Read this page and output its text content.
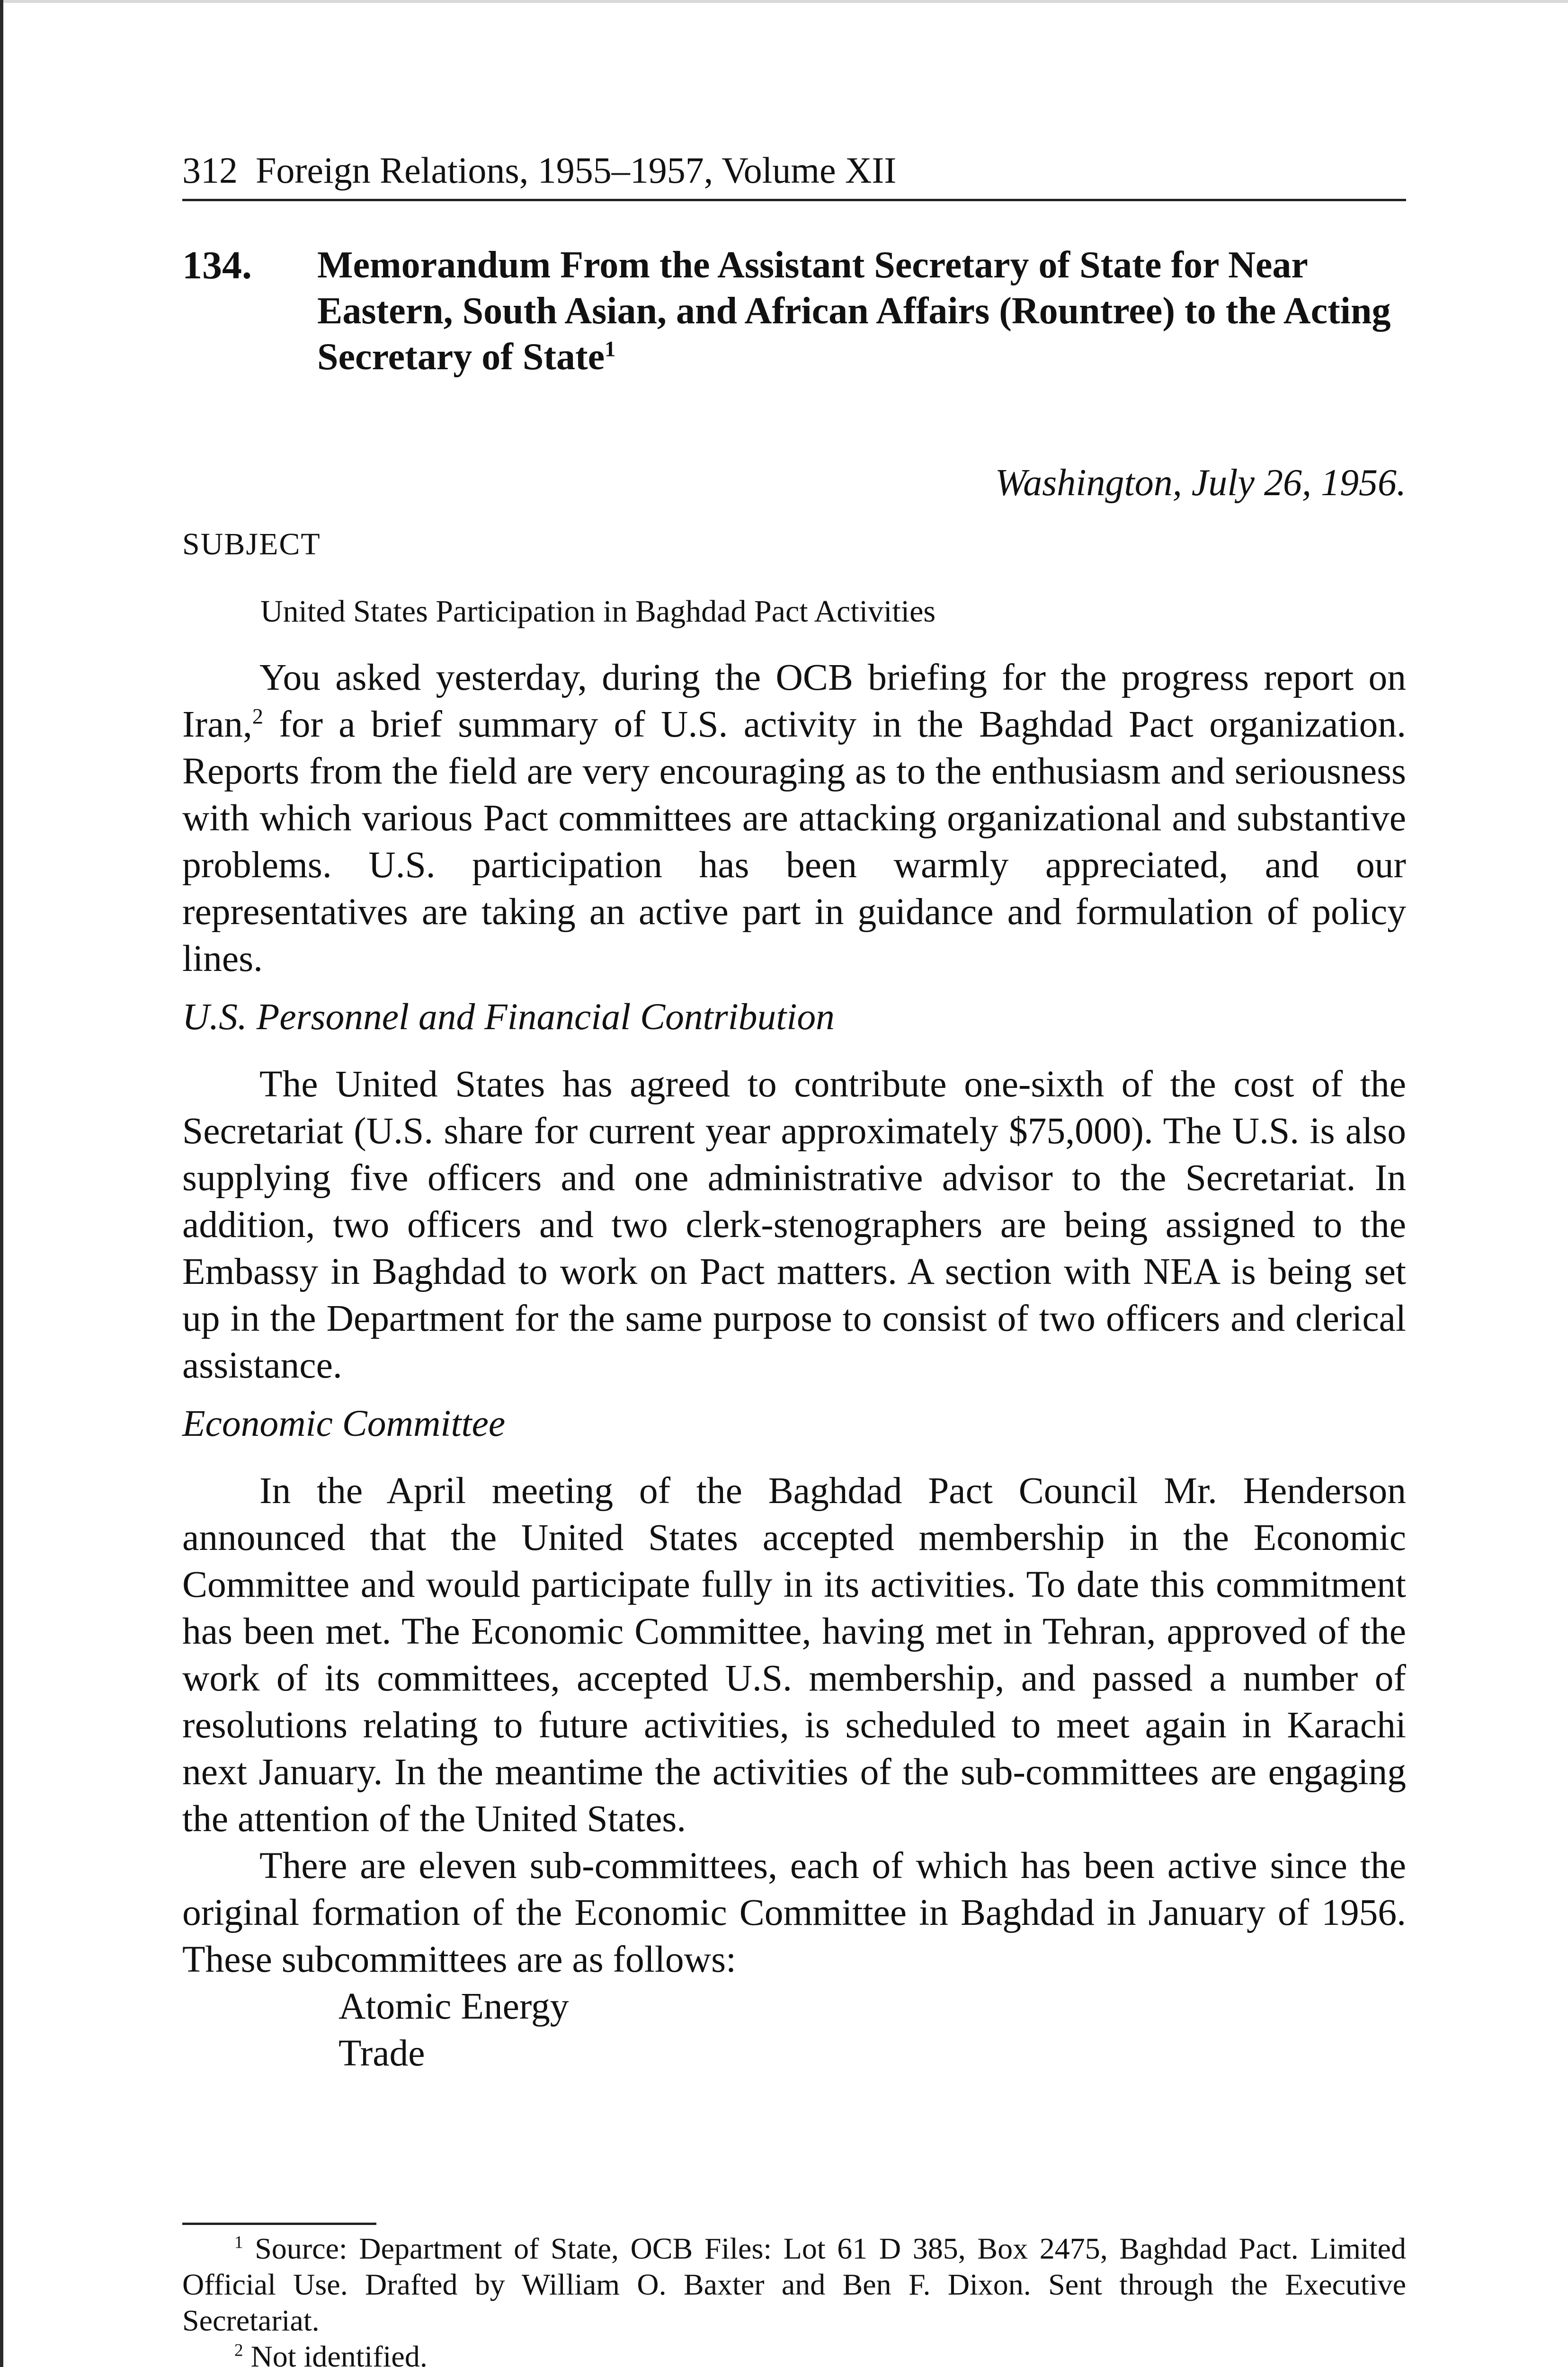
312 Foreign Relations, 1955–1957, Volume XII
134. Memorandum From the Assistant Secretary of State for Near Eastern, South Asian, and African Affairs (Rountree) to the Acting Secretary of State$^1$
Washington, July 26, 1956.
SUBJECT
United States Participation in Baghdad Pact Activities

You asked yesterday, during the OCB briefing for the progress report on Iran,$^2$ for a brief summary of U.S. activity in the Baghdad Pact organization. Reports from the field are very encouraging as to the enthusiasm and seriousness with which various Pact committees are attacking organizational and substantive problems. U.S. participation has been warmly appreciated, and our representatives are taking an active part in guidance and formulation of policy lines.

U.S. Personnel and Financial Contribution

The United States has agreed to contribute one-sixth of the cost of the Secretariat (U.S. share for current year approximately $75,000). The U.S. is also supplying five officers and one administrative advisor to the Secretariat. In addition, two officers and two clerk-stenographers are being assigned to the Embassy in Baghdad to work on Pact matters. A section with NEA is being set up in the Department for the same purpose to consist of two officers and clerical assistance.

Economic Committee

In the April meeting of the Baghdad Pact Council Mr. Henderson announced that the United States accepted membership in the Economic Committee and would participate fully in its activities. To date this commitment has been met. The Economic Committee, having met in Tehran, approved of the work of its committees, accepted U.S. membership, and passed a number of resolutions relating to future activities, is scheduled to meet again in Karachi next January. In the meantime the activities of the sub-committees are engaging the attention of the United States.

There are eleven sub-committees, each of which has been active since the original formation of the Economic Committee in Baghdad in January of 1956. These subcommittees are as follows:

Atomic Energy
Trade

$^1$ Source: Department of State, OCB Files: Lot 61 D 385, Box 2475, Baghdad Pact. Limited Official Use. Drafted by William O. Baxter and Ben F. Dixon. Sent through the Executive Secretariat.

$^2$ Not identified.
